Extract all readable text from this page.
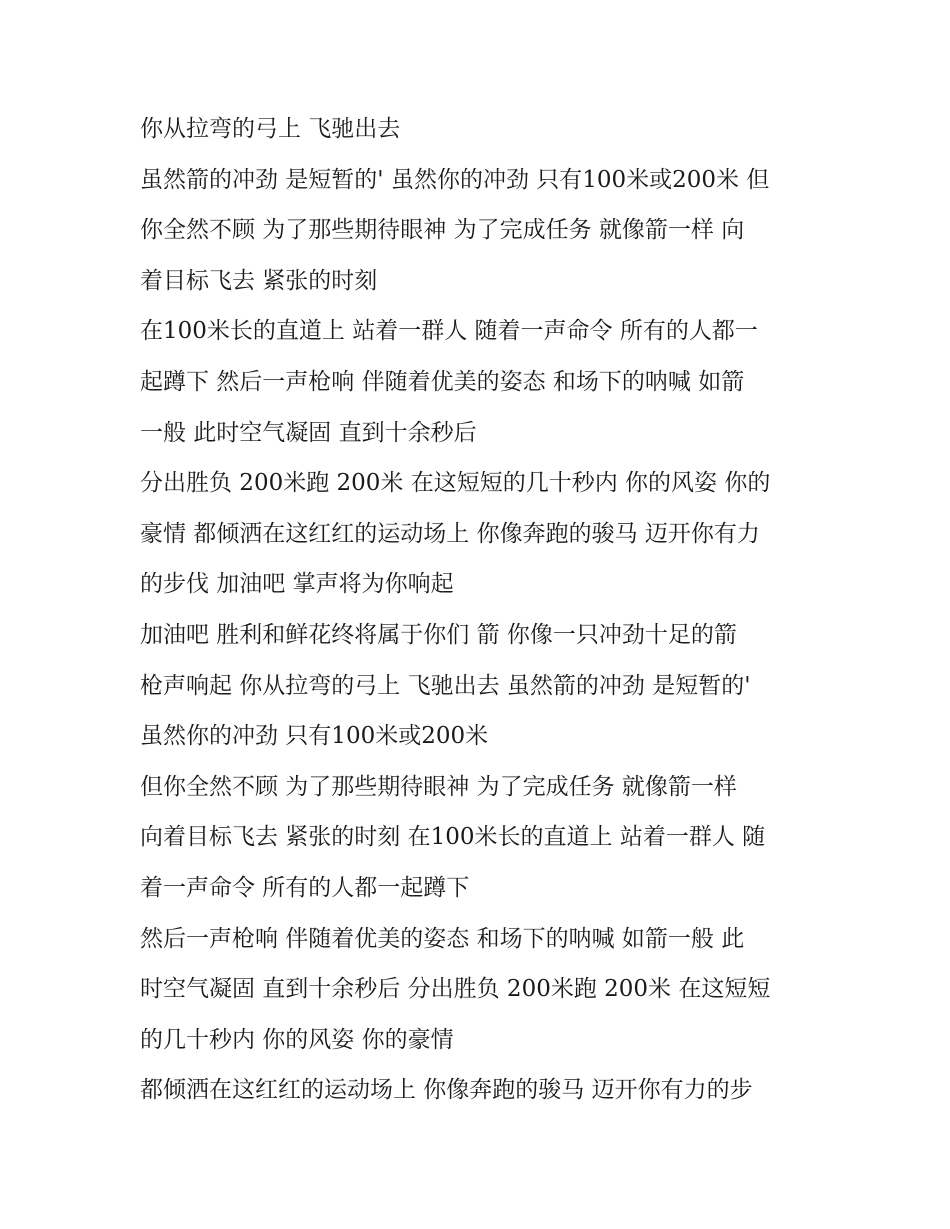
你从拉弯的弓上 飞驰出去
虽然箭的冲劲 是短暂的' 虽然你的冲劲 只有100米或200米 但
你全然不顾 为了那些期待眼神 为了完成任务 就像箭一样 向
着目标飞去 紧张的时刻
在100米长的直道上 站着一群人 随着一声命令 所有的人都一
起蹲下 然后一声枪响 伴随着优美的姿态 和场下的呐喊 如箭
一般 此时空气凝固 直到十余秒后
分出胜负 200米跑 200米 在这短短的几十秒内 你的风姿 你的
豪情 都倾洒在这红红的运动场上 你像奔跑的骏马 迈开你有力
的步伐 加油吧 掌声将为你响起
加油吧 胜利和鲜花终将属于你们 箭 你像一只冲劲十足的箭
枪声响起 你从拉弯的弓上 飞驰出去 虽然箭的冲劲 是短暂的'
虽然你的冲劲 只有100米或200米
但你全然不顾 为了那些期待眼神 为了完成任务 就像箭一样
向着目标飞去 紧张的时刻 在100米长的直道上 站着一群人 随
着一声命令 所有的人都一起蹲下
然后一声枪响 伴随着优美的姿态 和场下的呐喊 如箭一般 此
时空气凝固 直到十余秒后 分出胜负 200米跑 200米 在这短短
的几十秒内 你的风姿 你的豪情
都倾洒在这红红的运动场上 你像奔跑的骏马 迈开你有力的步
